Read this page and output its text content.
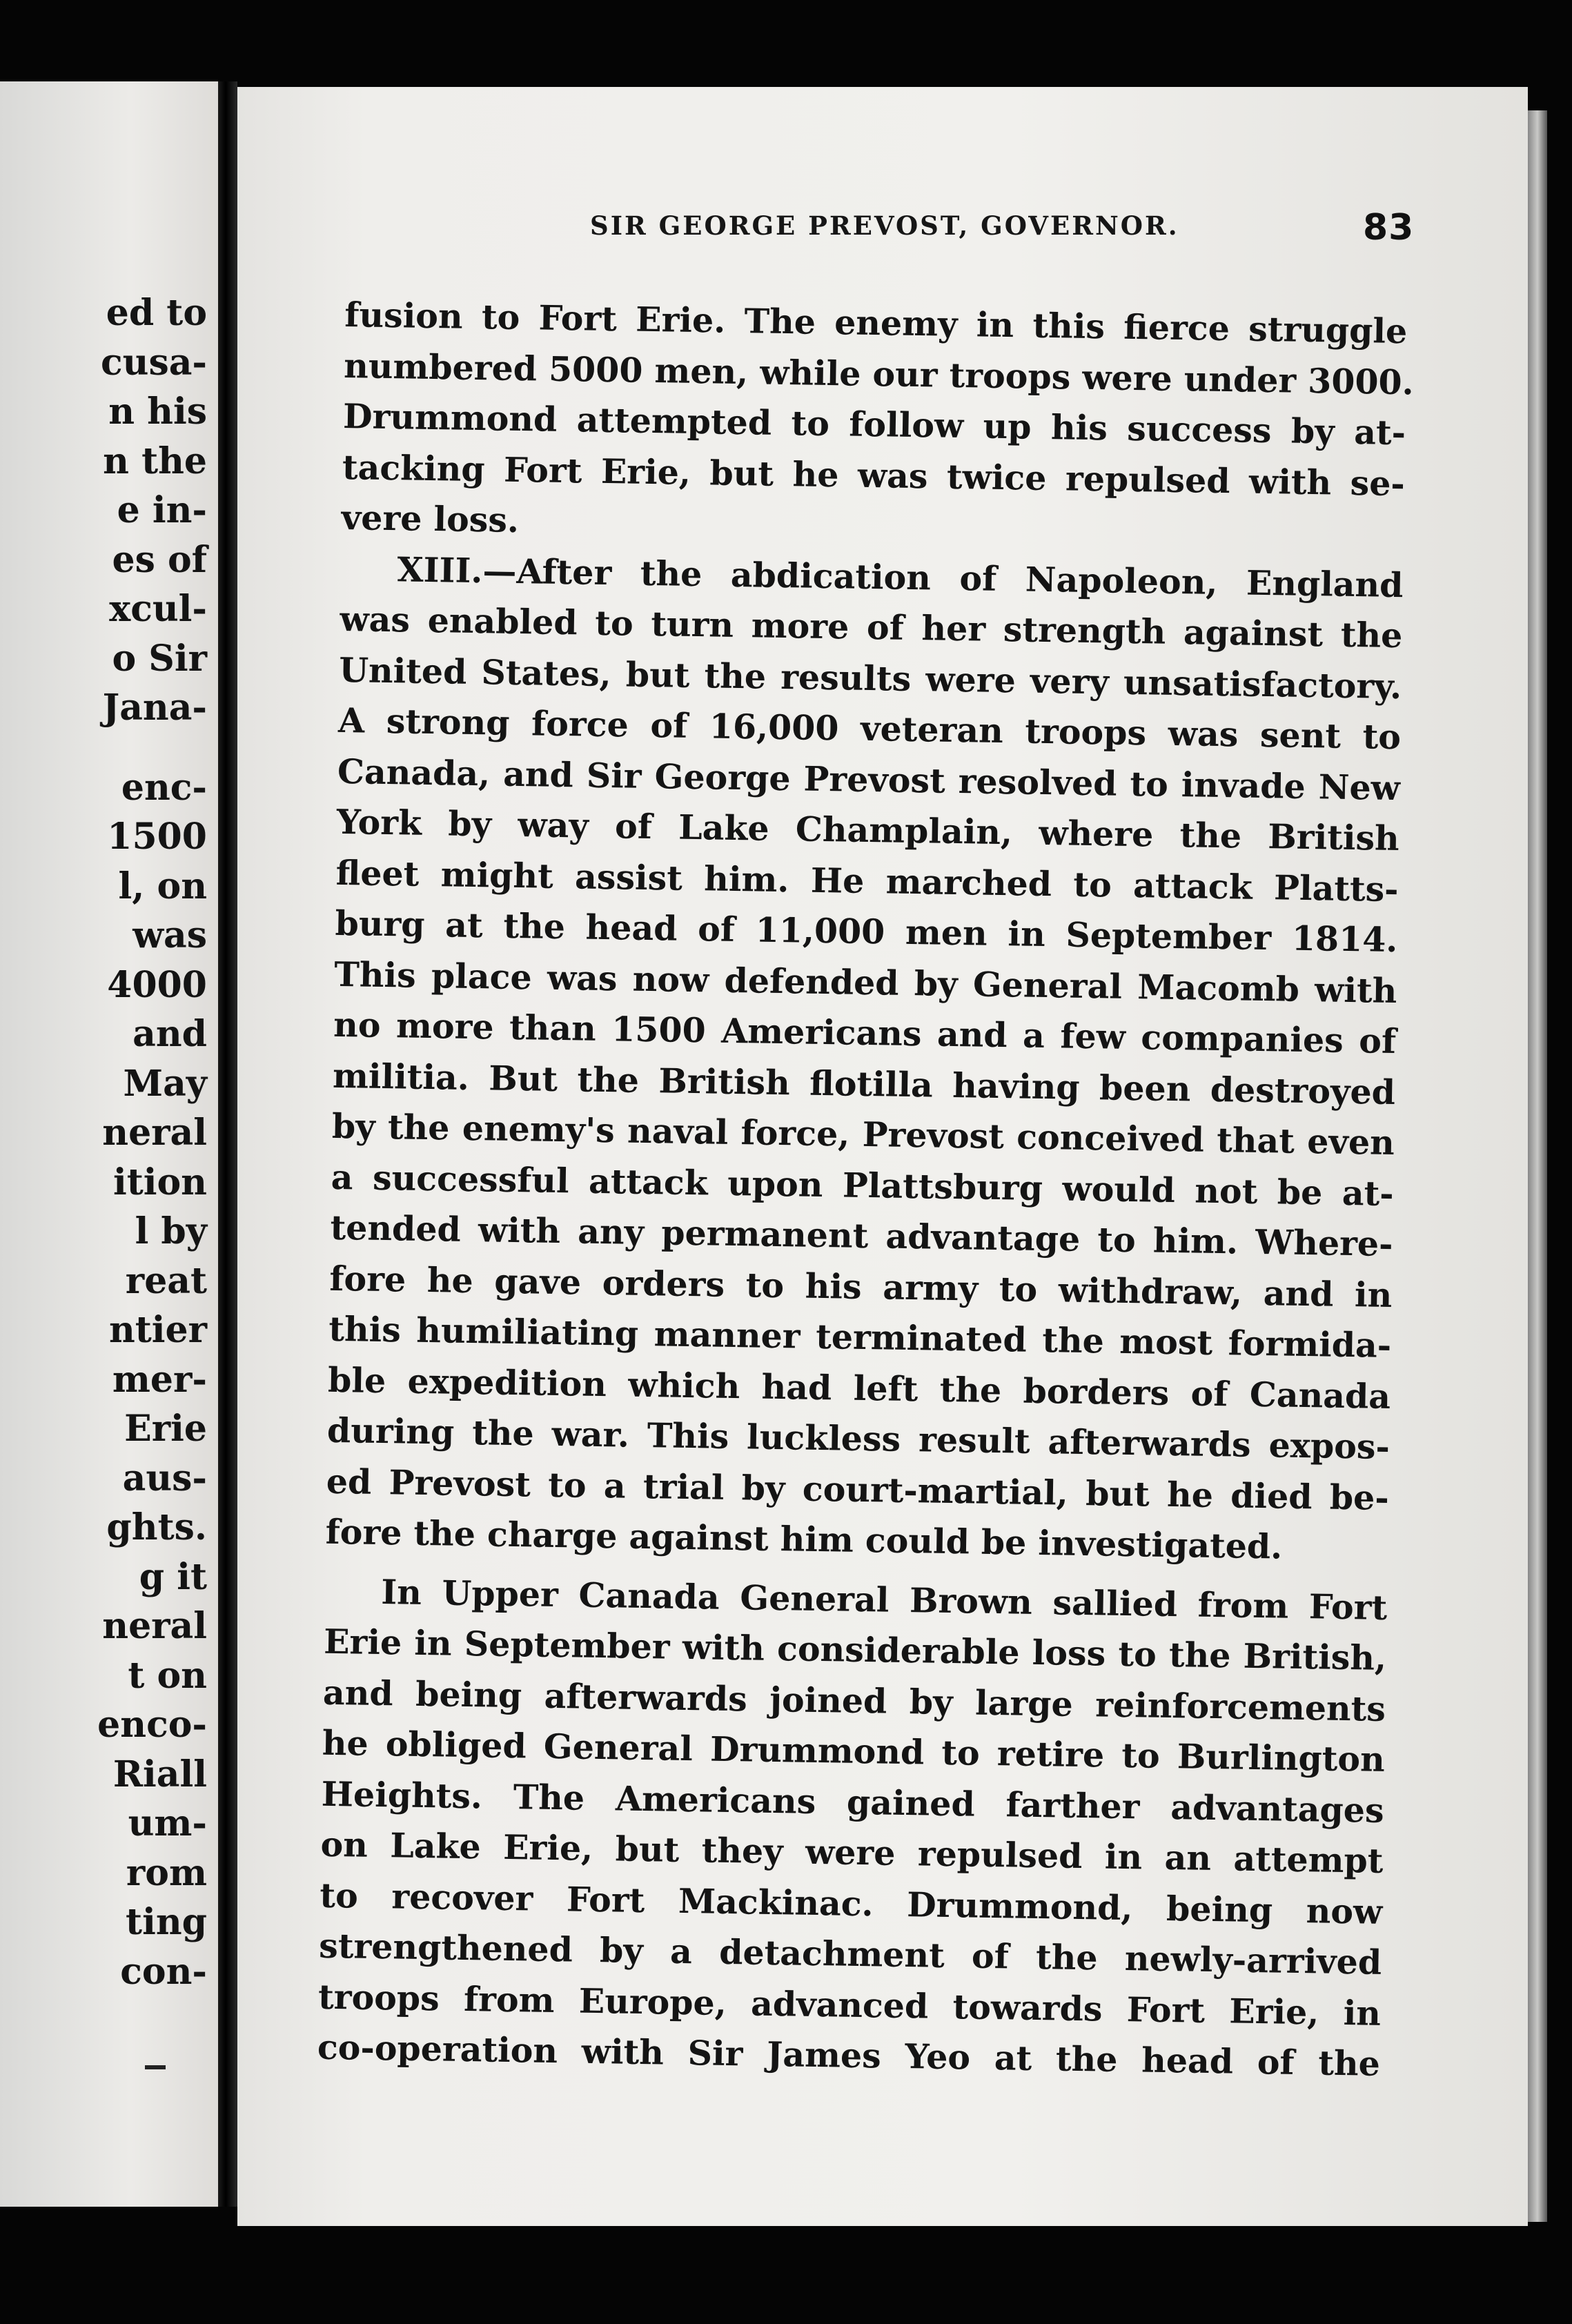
ed to
cusa-
n his
n the
e in-
es of
xcul-
o Sir
Jana-
enc-
1500
l, on
was
4000
and
May
neral
ition
l by
reat
ntier
mer-
Erie
aus-
ghts.
g it
neral
t on
enco-
Riall
um-
rom
ting
con-
SIR GEORGE PREVOST, GOVERNOR.	83
fusion to Fort Erie. The enemy in this fierce struggle
numbered 5000 men, while our troops were under 3000.
Drummond attempted to follow up his success by at-
tacking Fort Erie, but he was twice repulsed with se-
vere loss.
XIII.—After the abdication of Napoleon, England
was enabled to turn more of her strength against the
United States, but the results were very unsatisfactory.
A strong force of 16,000 veteran troops was sent to
Canada, and Sir George Prevost resolved to invade New
York by way of Lake Champlain, where the British
fleet might assist him. He marched to attack Platts-
burg at the head of 11,000 men in September 1814.
This place was now defended by General Macomb with
no more than 1500 Americans and a few companies of
militia. But the British flotilla having been destroyed
by the enemy's naval force, Prevost conceived that even
a successful attack upon Plattsburg would not be at-
tended with any permanent advantage to him. Where-
fore he gave orders to his army to withdraw, and in
this humiliating manner terminated the most formida-
ble expedition which had left the borders of Canada
during the war. This luckless result afterwards expos-
ed Prevost to a trial by court-martial, but he died be-
fore the charge against him could be investigated.
In Upper Canada General Brown sallied from Fort
Erie in September with considerable loss to the British,
and being afterwards joined by large reinforcements
he obliged General Drummond to retire to Burlington
Heights. The Americans gained farther advantages
on Lake Erie, but they were repulsed in an attempt
to recover Fort Mackinac. Drummond, being now
strengthened by a detachment of the newly-arrived
troops from Europe, advanced towards Fort Erie, in
co-operation with Sir James Yeo at the head of the
